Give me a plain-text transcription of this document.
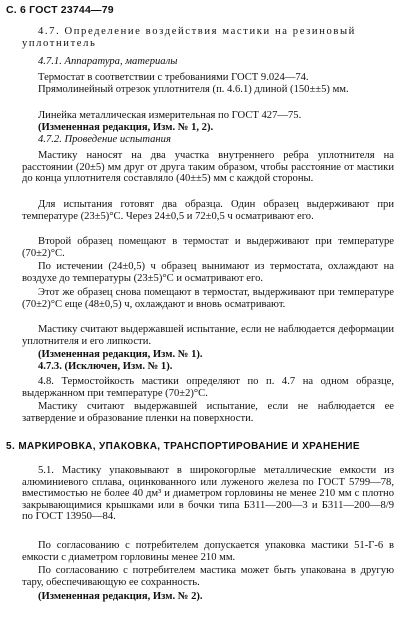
С. 6 ГОСТ 23744—79
4.7. Определение воздействия мастики на резиновый
уплотнитель
4.7.1. Аппаратура, материалы
Термостат в соответствии с требованиями ГОСТ 9.024—74.
Прямолинейный отрезок уплотнителя (п. 4.6.1) длиной (150±±5) мм.
Линейка металлическая измерительная по ГОСТ 427—75.
(Измененная редакция, Изм. № 1, 2).
4.7.2. Проведение испытания
Мастику наносят на два участка внутреннего ребра уплотнителя на расстоянии (20±5) мм друг от друга таким образом, чтобы расстояние от мастики до конца уплотнителя составляло (40±±5) мм с каждой стороны.
Для испытания готовят два образца. Один образец выдерживают при температуре (23±5)°С. Через 24±0,5 и 72±0,5 ч осматривают его.
Второй образец помещают в термостат и выдерживают при температуре (70±2)°С.
По истечении (24±0,5) ч образец вынимают из термостата, охлаждают на воздухе до температуры (23±5)°С и осматривают его.
Этот же образец снова помещают в термостат, выдерживают при температуре (70±2)°С еще (48±0,5) ч, охлаждают и вновь осматривают.
Мастику считают выдержавшей испытание, если не наблюдается деформации уплотнителя и его липкости.
(Измененная редакция, Изм. № 1).
4.7.3. (Исключен, Изм. № 1).
4.8. Термостойкость мастики определяют по п. 4.7 на одном образце, выдержанном при температуре (70±2)°С.
Мастику считают выдержавшей испытание, если не наблюдается ее затвердение и образование пленки на поверхности.
5. МАРКИРОВКА, УПАКОВКА, ТРАНСПОРТИРОВАНИЕ И ХРАНЕНИЕ
5.1. Мастику упаковывают в широкогорлые металлические емкости из алюминиевого сплава, оцинкованного или луженого железа по ГОСТ 5799—78, вместимостью не более 40 дм³ и диаметром горловины не менее 210 мм с плотно закрывающимися крышками или в бочки типа Б311—200—3 и Б311—200—8/9 по ГОСТ 13950—84.
По согласованию с потребителем допускается упаковка мастики 51-Г-6 в емкости с диаметром горловины менее 210 мм.
По согласованию с потребителем мастика может быть упакована в другую тару, обеспечивающую ее сохранность.
(Измененная редакция, Изм. № 2).
